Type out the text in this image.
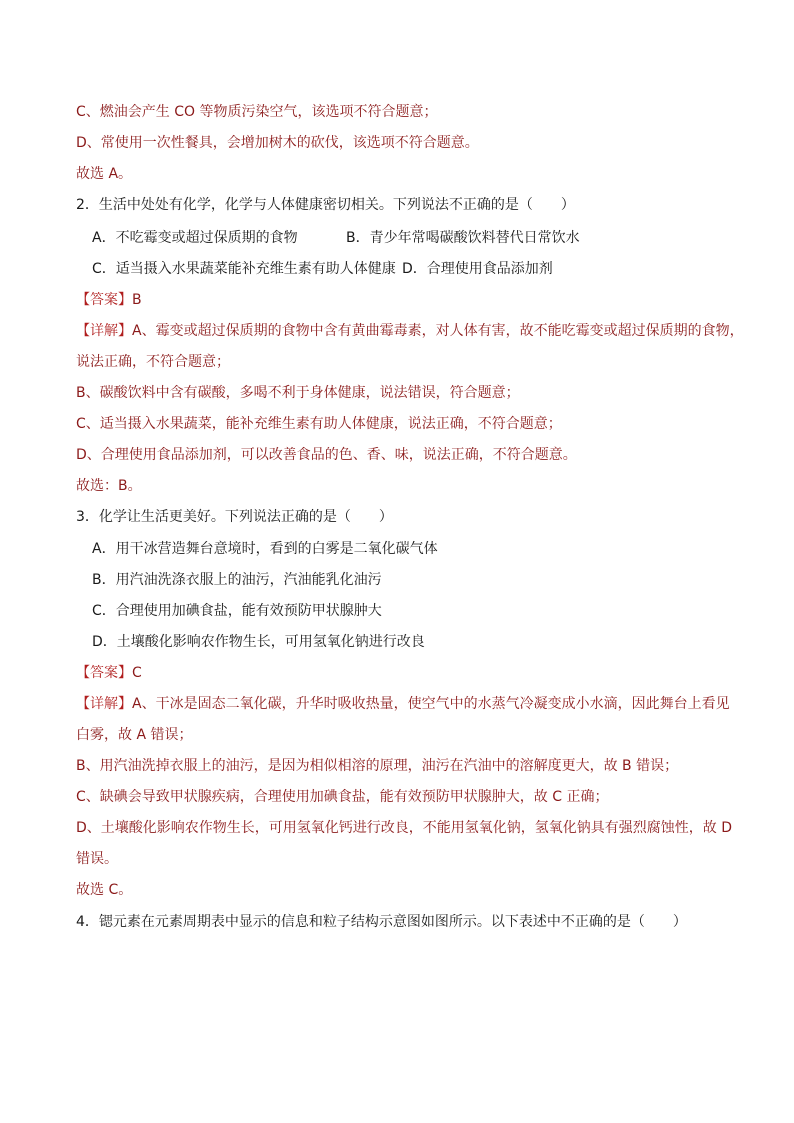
C、燃油会产生 CO 等物质污染空气，该选项不符合题意；
D、常使用一次性餐具，会增加树木的砍伐，该选项不符合题意。
故选 A。
2．生活中处处有化学，化学与人体健康密切相关。下列说法不正确的是（　　）
A．不吃霉变或超过保质期的食物	B．青少年常喝碳酸饮料替代日常饮水
C．适当摄入水果蔬菜能补充维生素有助人体健康 D．合理使用食品添加剂
【答案】B
【详解】A、霉变或超过保质期的食物中含有黄曲霉毒素，对人体有害，故不能吃霉变或超过保质期的食物，
说法正确，不符合题意；
B、碳酸饮料中含有碳酸，多喝不利于身体健康，说法错误，符合题意；
C、适当摄入水果蔬菜，能补充维生素有助人体健康，说法正确，不符合题意；
D、合理使用食品添加剂，可以改善食品的色、香、味，说法正确，不符合题意。
故选：B。
3．化学让生活更美好。下列说法正确的是（　　）
A．用干冰营造舞台意境时，看到的白雾是二氧化碳气体
B．用汽油洗涤衣服上的油污，汽油能乳化油污
C．合理使用加碘食盐，能有效预防甲状腺肿大
D．土壤酸化影响农作物生长，可用氢氧化钠进行改良
【答案】C
【详解】A、干冰是固态二氧化碳，升华时吸收热量，使空气中的水蒸气冷凝变成小水滴，因此舞台上看见
白雾，故 A 错误；
B、用汽油洗掉衣服上的油污，是因为相似相溶的原理，油污在汽油中的溶解度更大，故 B 错误；
C、缺碘会导致甲状腺疾病，合理使用加碘食盐，能有效预防甲状腺肿大，故 C 正确；
D、土壤酸化影响农作物生长，可用氢氧化钙进行改良，不能用氢氧化钠，氢氧化钠具有强烈腐蚀性，故 D
错误。
故选 C。
4．锶元素在元素周期表中显示的信息和粒子结构示意图如图所示。以下表述中不正确的是（　　）
